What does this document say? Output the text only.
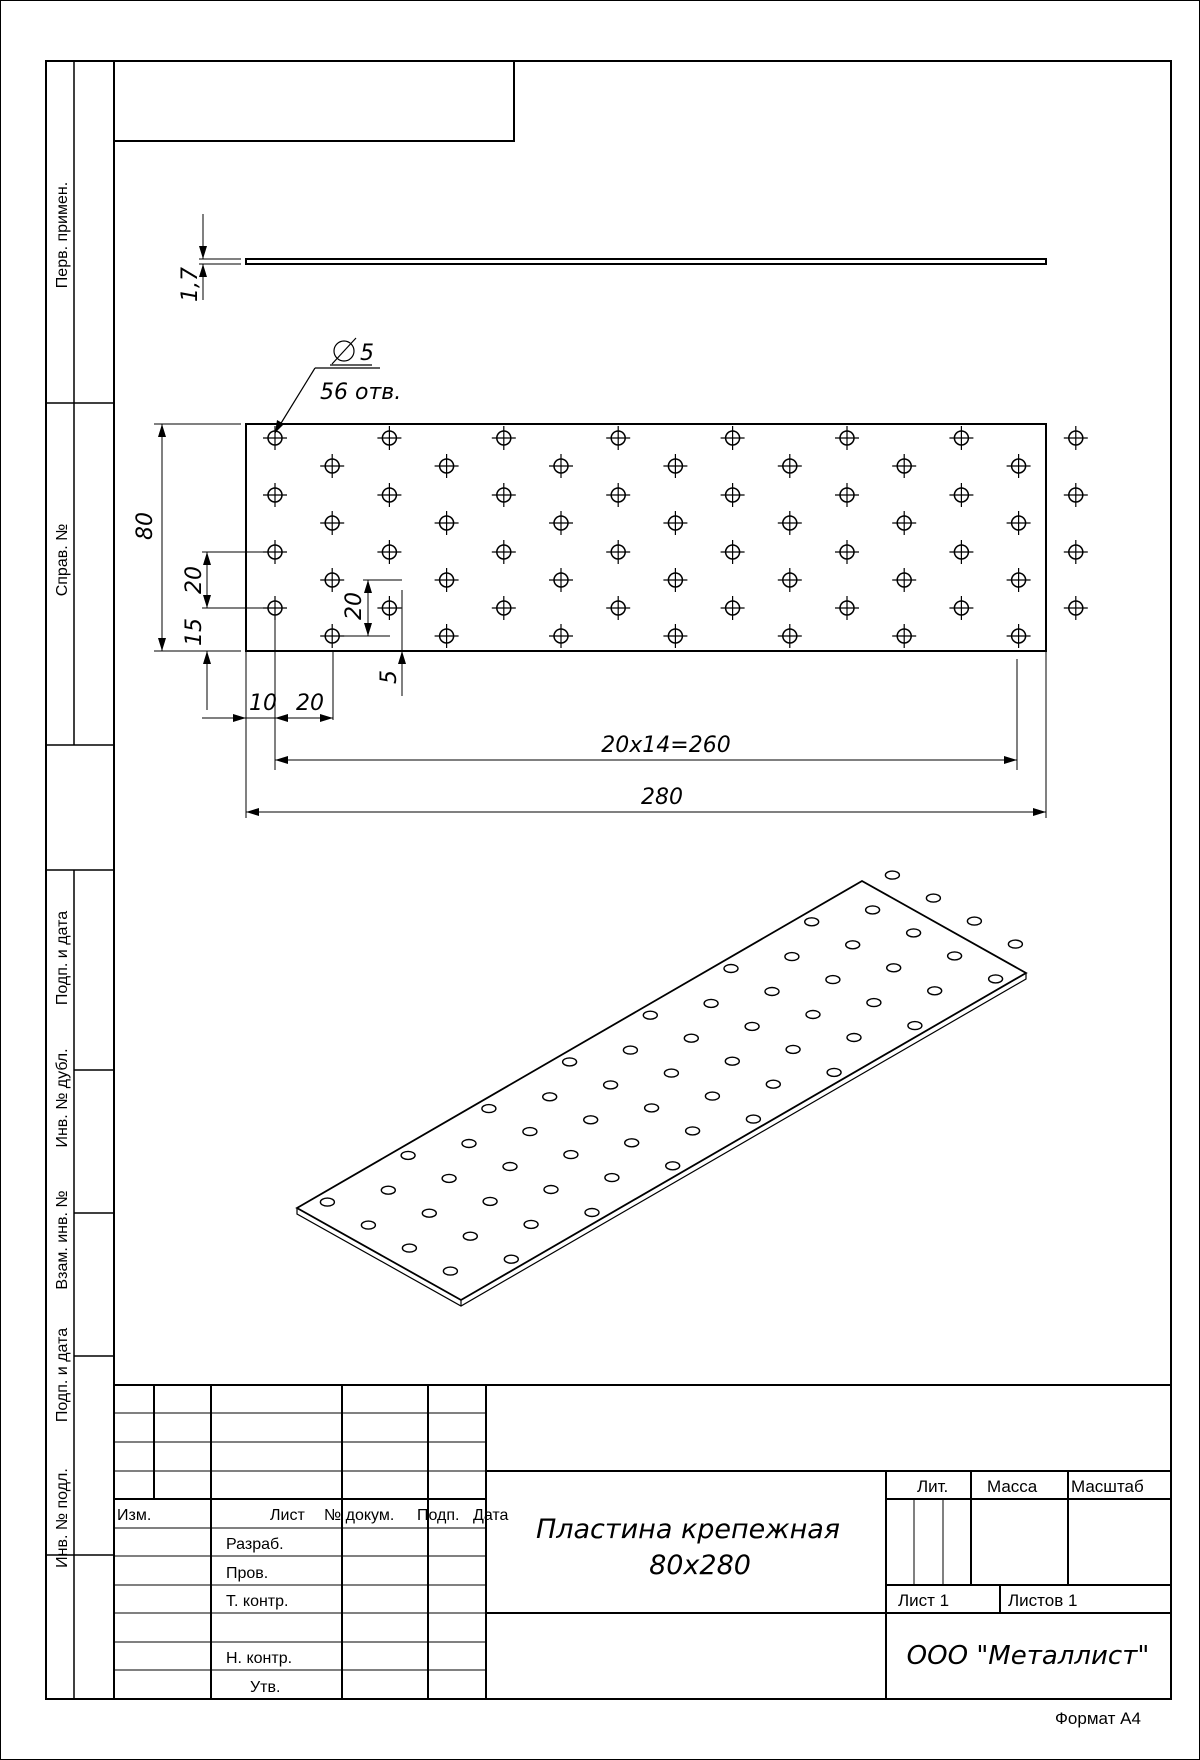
Перв. примен.
Справ. №
Подп. и дата
Инв. № дубл.
Взам. инв. №
Подп. и дата
Инв. № подл.
1,7
5
56 отв.
80
20
15
20
5
10 20
20x14=260
280
Изм.	Лист № докум. Подп. Дата
Разраб.
Пров.
Т. контр.
Н. контр.
Утв.
Пластина крепежная
80x280
Лит. Масса Масштаб
Лист 1	Листов 1
ООО "Металлист"
Формат А4
